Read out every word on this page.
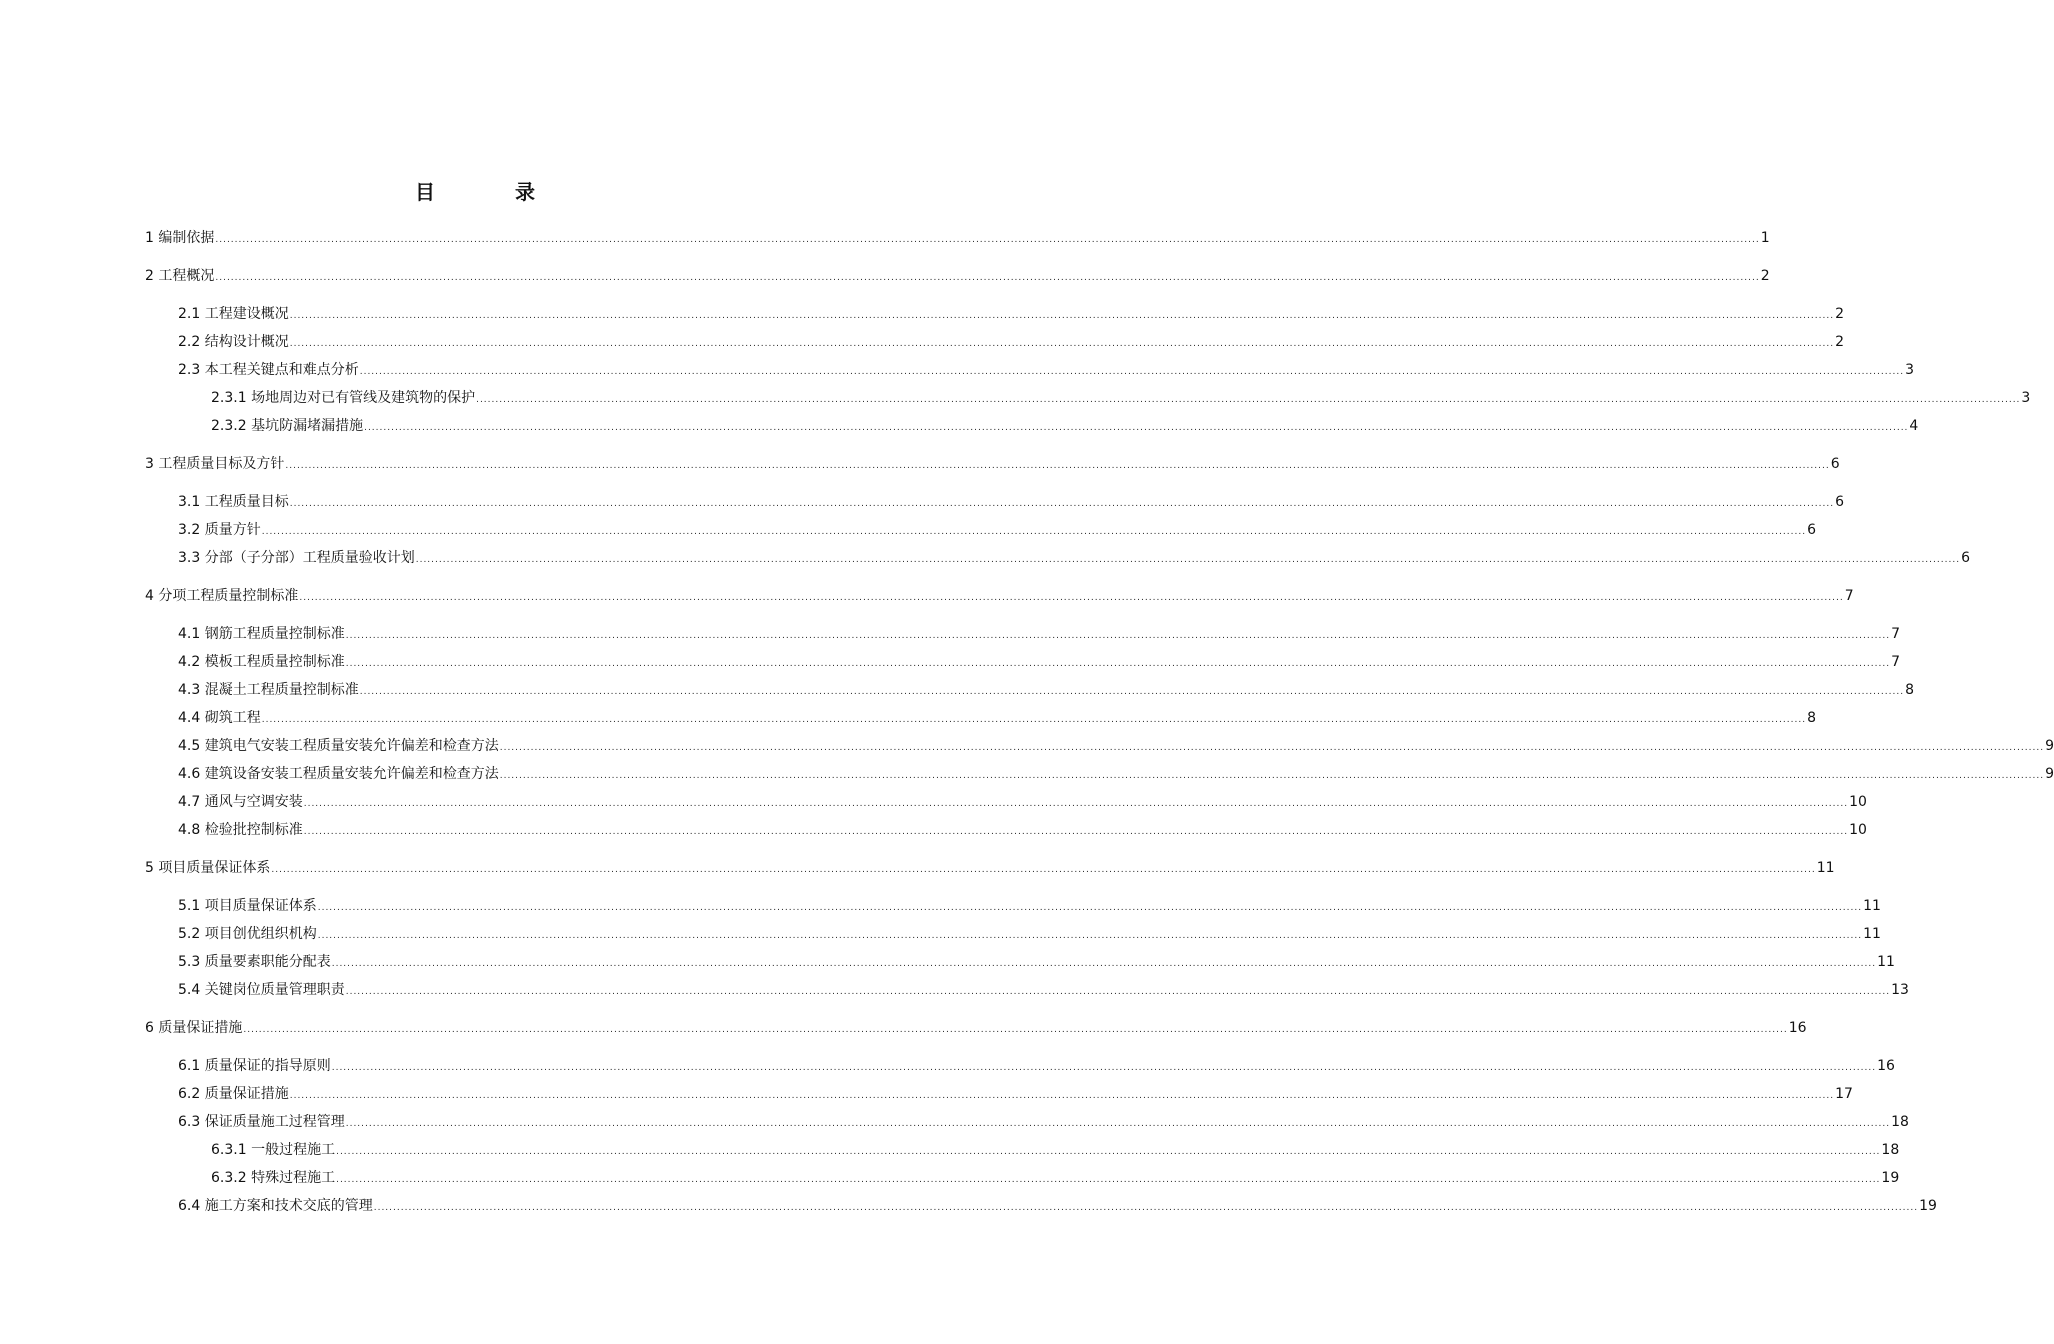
目　录
1 编制依据 ................................................................................................................................................................................................................................................................................................................................................................................................................ 1
2 工程概况 ................................................................................................................................................................................................................................................................................................................................................................................................................ 2
2.1 工程建设概况 ................................................................................................................................................................................................................................................................................................................................................................................................................ 2
2.2 结构设计概况 ................................................................................................................................................................................................................................................................................................................................................................................................................ 2
2.3 本工程关键点和难点分析 ................................................................................................................................................................................................................................................................................................................................................................................................................ 3
2.3.1 场地周边对已有管线及建筑物的保护 ................................................................................................................................................................................................................................................................................................................................................................................................................ 3
2.3.2 基坑防漏堵漏措施 ................................................................................................................................................................................................................................................................................................................................................................................................................ 4
3 工程质量目标及方针 ................................................................................................................................................................................................................................................................................................................................................................................................................ 6
3.1 工程质量目标 ................................................................................................................................................................................................................................................................................................................................................................................................................ 6
3.2 质量方针 ................................................................................................................................................................................................................................................................................................................................................................................................................ 6
3.3 分部（子分部）工程质量验收计划 ................................................................................................................................................................................................................................................................................................................................................................................................................ 6
4 分项工程质量控制标准 ................................................................................................................................................................................................................................................................................................................................................................................................................ 7
4.1 钢筋工程质量控制标准 ................................................................................................................................................................................................................................................................................................................................................................................................................ 7
4.2 模板工程质量控制标准 ................................................................................................................................................................................................................................................................................................................................................................................................................ 7
4.3 混凝土工程质量控制标准 ................................................................................................................................................................................................................................................................................................................................................................................................................ 8
4.4 砌筑工程 ................................................................................................................................................................................................................................................................................................................................................................................................................ 8
4.5 建筑电气安装工程质量安装允许偏差和检查方法 ................................................................................................................................................................................................................................................................................................................................................................................................................ 9
4.6 建筑设备安装工程质量安装允许偏差和检查方法 ................................................................................................................................................................................................................................................................................................................................................................................................................ 9
4.7 通风与空调安装 ................................................................................................................................................................................................................................................................................................................................................................................................................ 10
4.8 检验批控制标准 ................................................................................................................................................................................................................................................................................................................................................................................................................ 10
5 项目质量保证体系 ................................................................................................................................................................................................................................................................................................................................................................................................................ 11
5.1 项目质量保证体系 ................................................................................................................................................................................................................................................................................................................................................................................................................ 11
5.2 项目创优组织机构 ................................................................................................................................................................................................................................................................................................................................................................................................................ 11
5.3 质量要素职能分配表 ................................................................................................................................................................................................................................................................................................................................................................................................................ 11
5.4 关键岗位质量管理职责 ................................................................................................................................................................................................................................................................................................................................................................................................................ 13
6 质量保证措施 ................................................................................................................................................................................................................................................................................................................................................................................................................ 16
6.1 质量保证的指导原则 ................................................................................................................................................................................................................................................................................................................................................................................................................ 16
6.2 质量保证措施 ................................................................................................................................................................................................................................................................................................................................................................................................................ 17
6.3 保证质量施工过程管理 ................................................................................................................................................................................................................................................................................................................................................................................................................ 18
6.3.1 一般过程施工 ................................................................................................................................................................................................................................................................................................................................................................................................................ 18
6.3.2 特殊过程施工 ................................................................................................................................................................................................................................................................................................................................................................................................................ 19
6.4 施工方案和技术交底的管理 ................................................................................................................................................................................................................................................................................................................................................................................................................ 19
